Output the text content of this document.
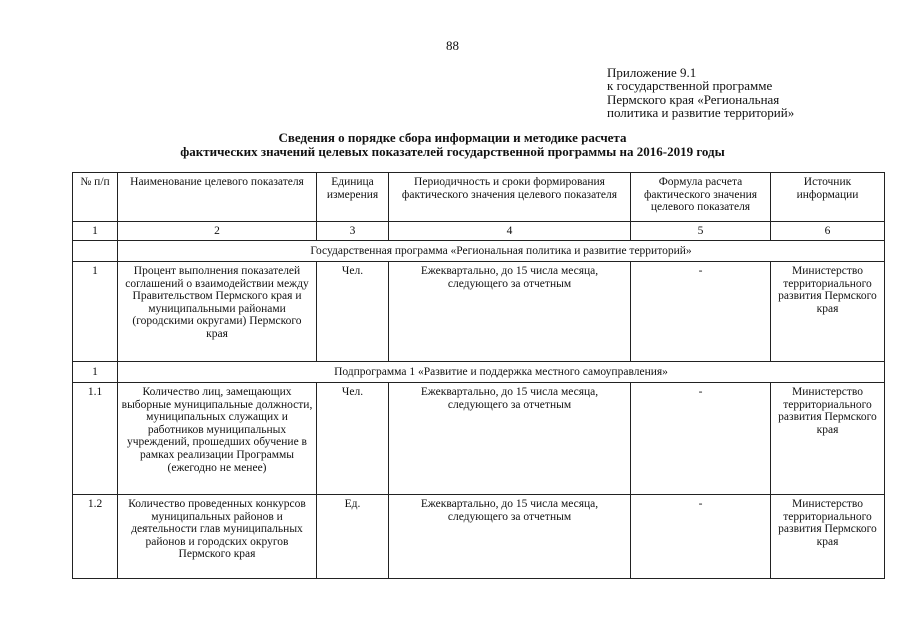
88
Приложение 9.1
к государственной программе
Пермского края «Региональная
политика и развитие территорий»
Сведения о порядке сбора информации и методике расчета
фактических значений целевых показателей государственной программы на 2016-2019 годы
№ п/п	Наименование целевого показателя	Единица измерения	Периодичность и сроки формирования фактического значения целевого показателя	Формула расчета фактического значения целевого показателя	Источник информации
1	2	3	4	5	6
	Государственная программа «Региональная политика и развитие территорий»				
1	Процент выполнения показателей соглашений о взаимодействии между Правительством Пермского края и муниципальными районами (городскими округами) Пермского края	Чел.	Ежеквартально, до 15 числа месяца, следующего за отчетным	-	Министерство территориального развития Пермского края
1	Подпрограмма 1 «Развитие и поддержка местного самоуправления»				
1.1	Количество лиц, замещающих выборные муниципальные должности, муниципальных служащих и работников муниципальных учреждений, прошедших обучение в рамках реализации Программы (ежегодно не менее)	Чел.	Ежеквартально, до 15 числа месяца, следующего за отчетным	-	Министерство территориального развития Пермского края
1.2	Количество проведенных конкурсов муниципальных районов и деятельности глав муниципальных районов и городских округов Пермского края	Ед.	Ежеквартально, до 15 числа месяца, следующего за отчетным	-	Министерство территориального развития Пермского края
